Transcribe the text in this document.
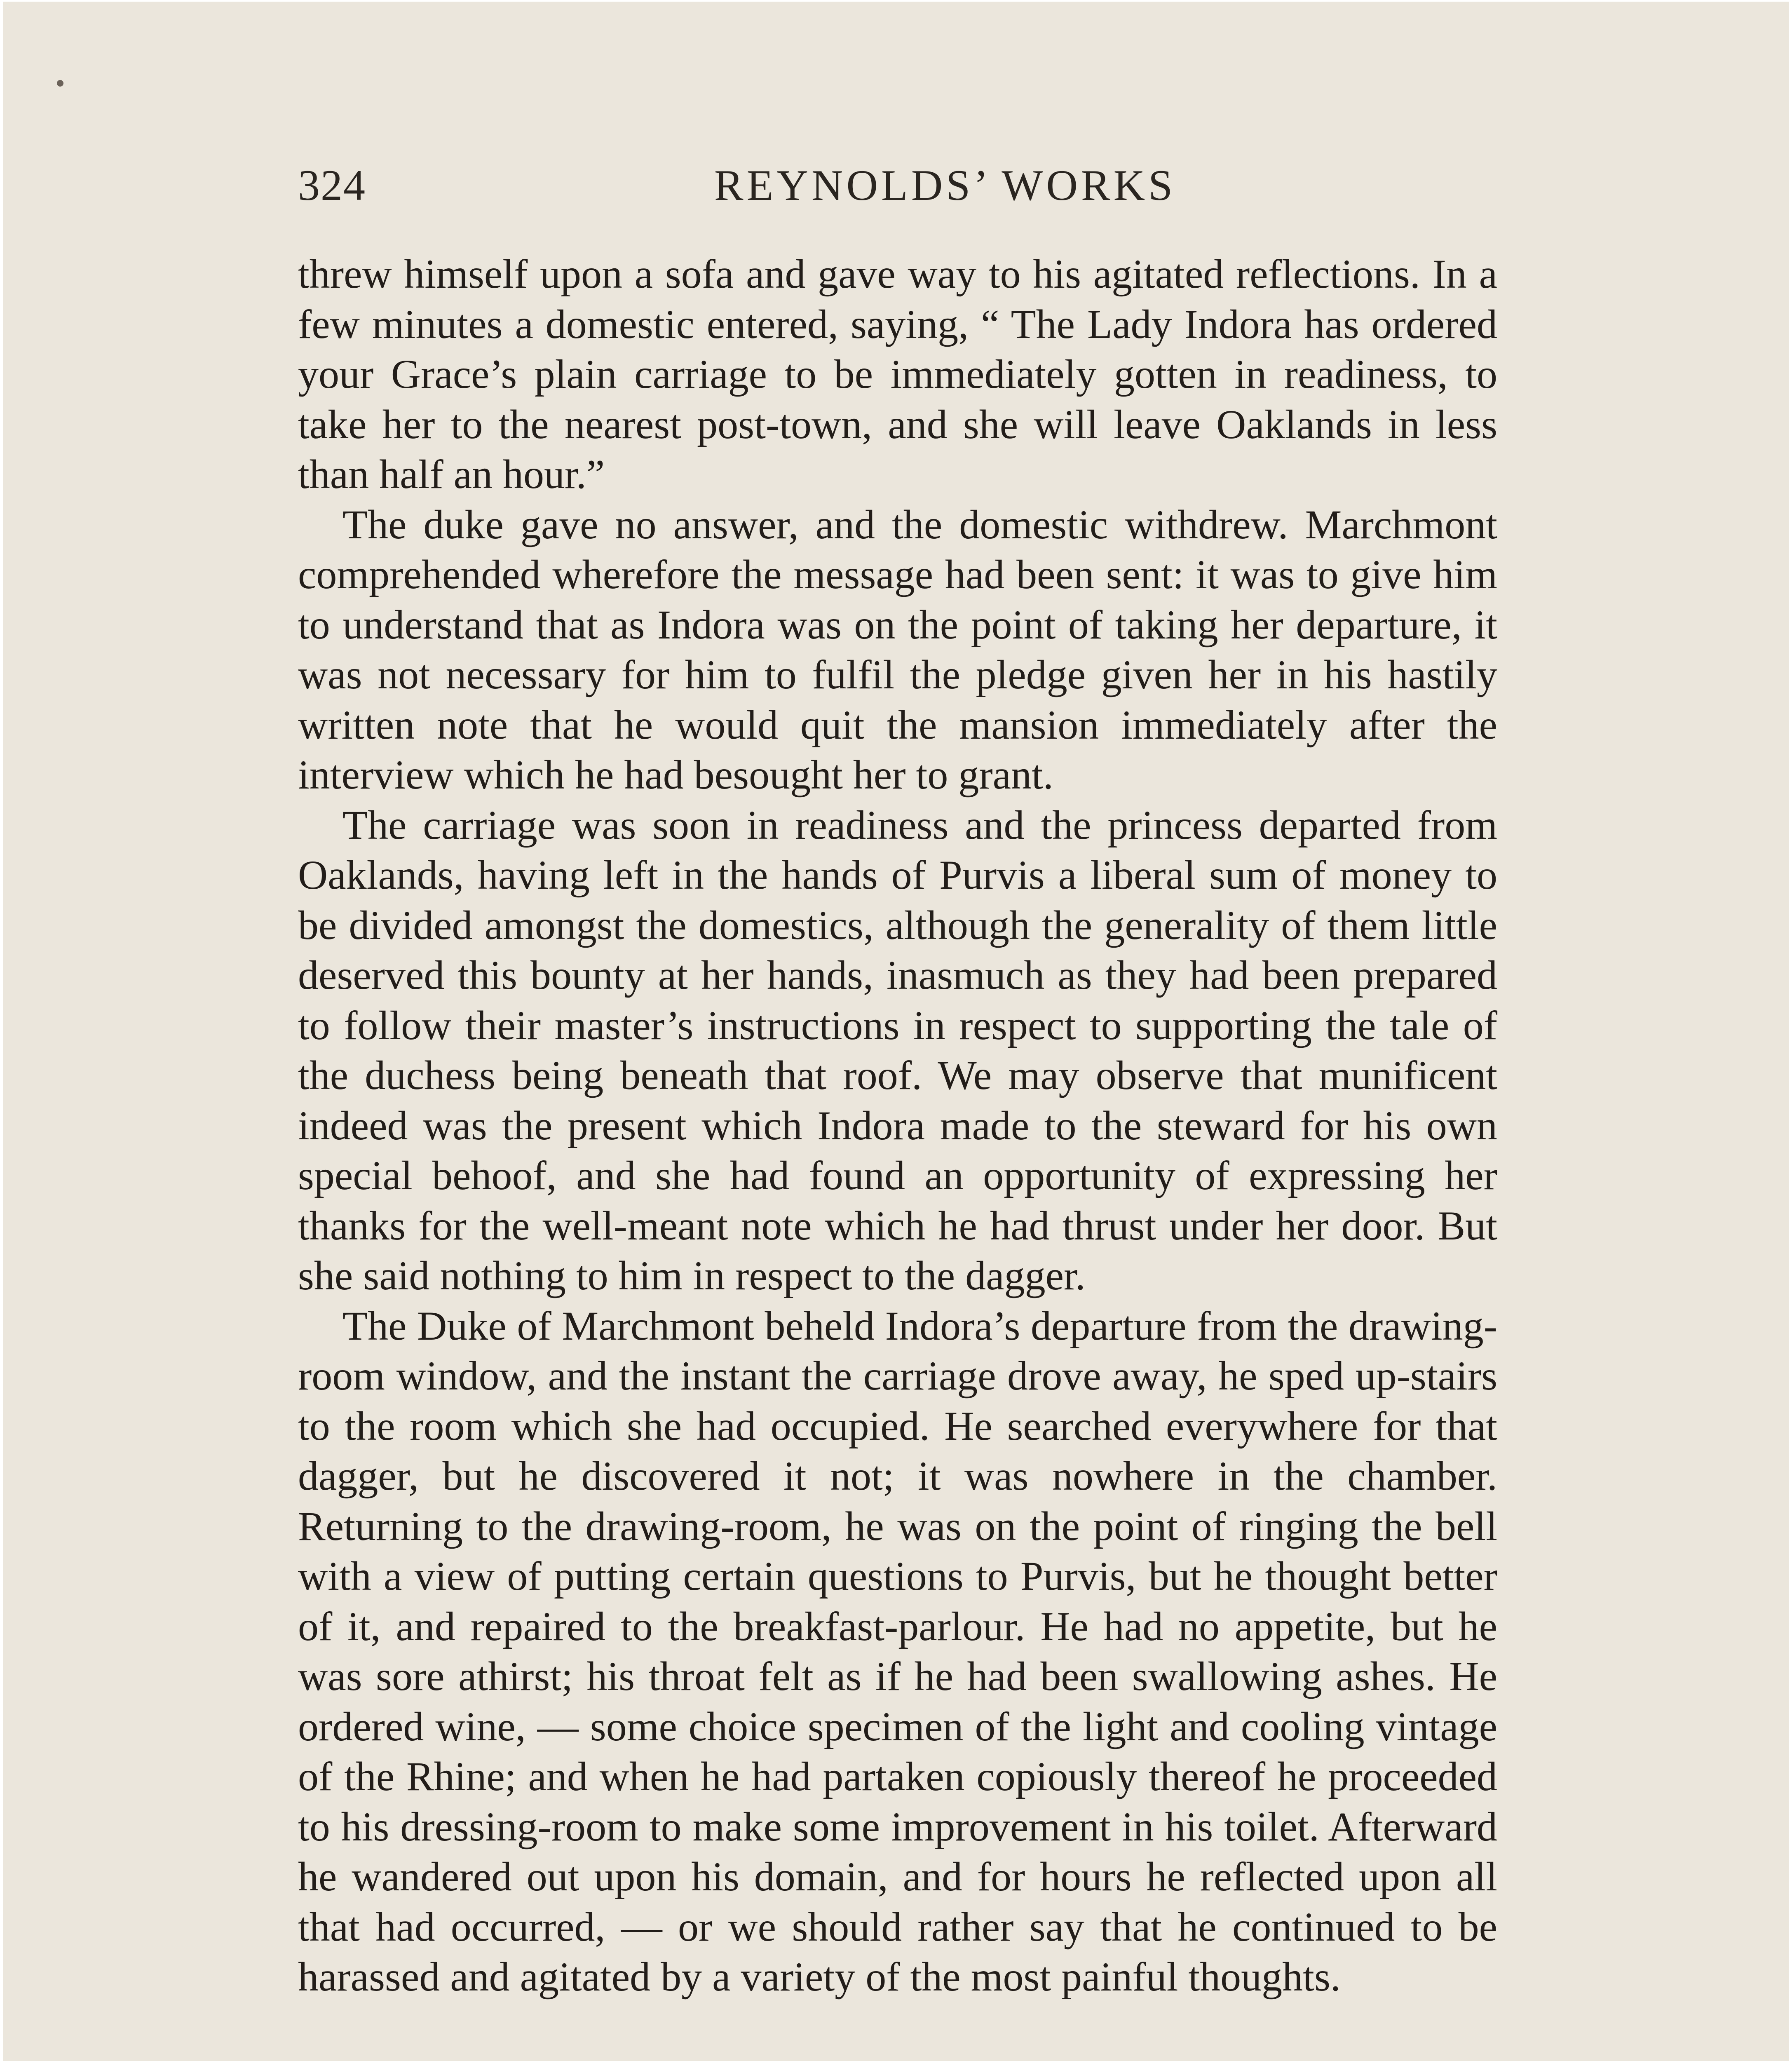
324	REYNOLDS’ WORKS

threw himself upon a sofa and gave way to his agitated reflections. In a few minutes a domestic entered, saying, “ The Lady Indora has ordered your Grace’s plain carriage to be immediately gotten in readiness, to take her to the nearest post-town, and she will leave Oaklands in less than half an hour.”

The duke gave no answer, and the domestic withdrew. Marchmont comprehended wherefore the message had been sent: it was to give him to understand that as Indora was on the point of taking her departure, it was not necessary for him to fulfil the pledge given her in his hastily written note that he would quit the mansion immediately after the interview which he had besought her to grant.

The carriage was soon in readiness and the princess departed from Oaklands, having left in the hands of Purvis a liberal sum of money to be divided amongst the domestics, although the generality of them little deserved this bounty at her hands, inasmuch as they had been prepared to follow their master’s instructions in respect to supporting the tale of the duchess being beneath that roof. We may observe that munificent indeed was the present which Indora made to the steward for his own special behoof, and she had found an opportunity of expressing her thanks for the well-meant note which he had thrust under her door. But she said nothing to him in respect to the dagger.

The Duke of Marchmont beheld Indora’s departure from the drawing-room window, and the instant the carriage drove away, he sped up-stairs to the room which she had occupied. He searched everywhere for that dagger, but he discovered it not; it was nowhere in the chamber. Returning to the drawing-room, he was on the point of ringing the bell with a view of putting certain questions to Purvis, but he thought better of it, and repaired to the breakfast-parlour. He had no appetite, but he was sore athirst; his throat felt as if he had been swallowing ashes. He ordered wine, — some choice specimen of the light and cooling vintage of the Rhine; and when he had partaken copiously thereof he proceeded to his dressing-room to make some improvement in his toilet. Afterward he wandered out upon his domain, and for hours he reflected upon all that had occurred, — or we should rather say that he continued to be harassed and agitated by a variety of the most painful thoughts.
